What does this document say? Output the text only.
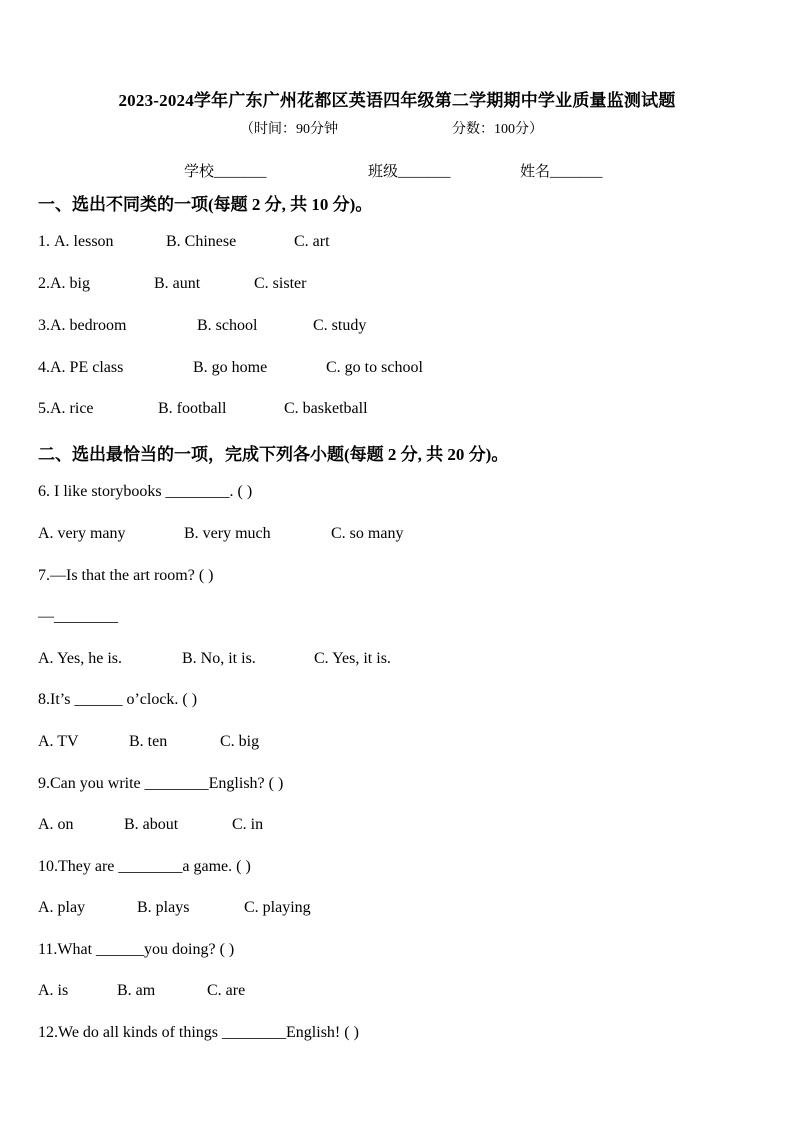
2023-2024学年广东广州花都区英语四年级第二学期期中学业质量监测试题
（时间：90分钟	分数：100分）
学校_______	班级_______	姓名_______
一、选出不同类的一项(每题 2 分, 共 10 分)。
1. A. lesson	B. Chinese	C. art
2.A. big	B. aunt	C. sister
3.A. bedroom	B. school	C. study
4.A. PE class	B. go home	C. go to school
5.A. rice	B. football	C. basketball
二、选出最恰当的一项，完成下列各小题(每题 2 分, 共 20 分)。
6. I like storybooks ________. ( )
A. very many	B. very much	C. so many
7.—Is that the art room? ( )
—________
A. Yes, he is.	B. No, it is.	C. Yes, it is.
8.It’s ______ o’clock. ( )
A. TV	B. ten	C. big
9.Can you write ________English? ( )
A. on	B. about	C. in
10.They are ________a game. ( )
A. play	B. plays	C. playing
11.What ______you doing? ( )
A. is	B. am	C. are
12.We do all kinds of things ________English! ( )
